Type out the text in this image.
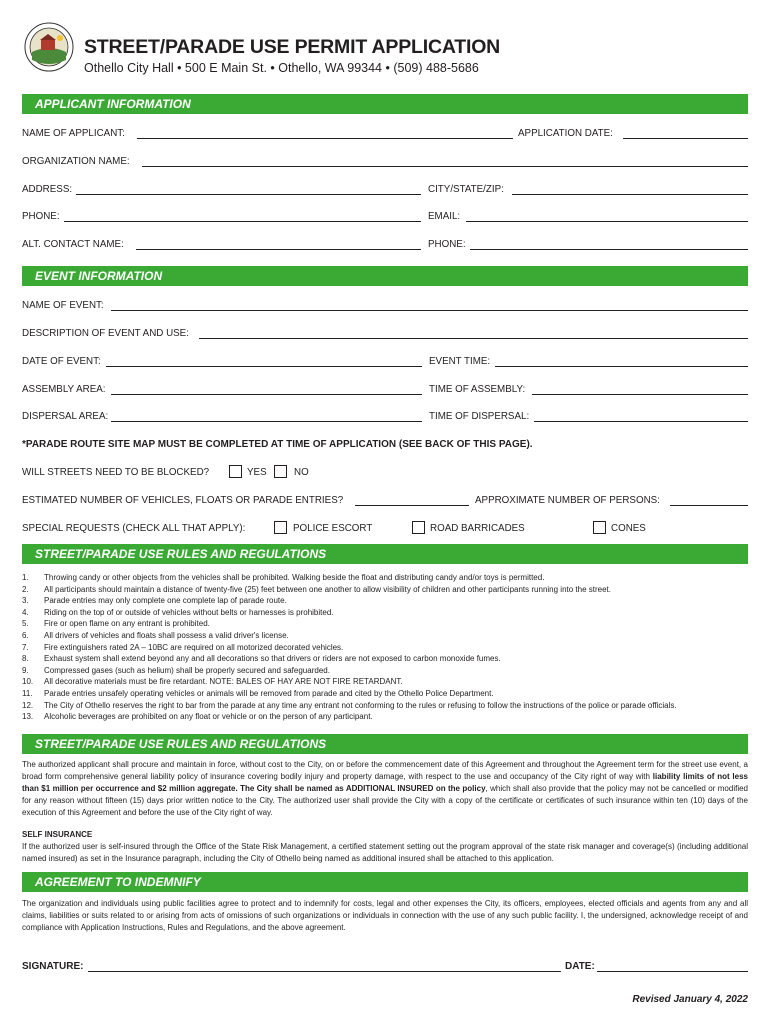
STREET/PARADE USE PERMIT APPLICATION
Othello City Hall • 500 E Main St. • Othello, WA 99344 • (509) 488-5686
APPLICANT INFORMATION
NAME OF APPLICANT:	APPLICATION DATE:
ORGANIZATION NAME:
ADDRESS:	CITY/STATE/ZIP:
PHONE:	EMAIL:
ALT. CONTACT NAME:	PHONE:
EVENT INFORMATION
NAME OF EVENT:
DESCRIPTION OF EVENT AND USE:
DATE OF EVENT:	EVENT TIME:
ASSEMBLY AREA:	TIME OF ASSEMBLY:
DISPERSAL AREA:	TIME OF DISPERSAL:
*PARADE ROUTE SITE MAP MUST BE COMPLETED AT TIME OF APPLICATION (SEE BACK OF THIS PAGE).
WILL STREETS NEED TO BE BLOCKED?	YES	NO
ESTIMATED NUMBER OF VEHICLES, FLOATS OR PARADE ENTRIES?	APPROXIMATE NUMBER OF PERSONS:
SPECIAL REQUESTS (CHECK ALL THAT APPLY):	POLICE ESCORT	ROAD BARRICADES	CONES
STREET/PARADE USE RULES AND REGULATIONS
1.	Throwing candy or other objects from the vehicles shall be prohibited. Walking beside the float and distributing candy and/or toys is permitted.
2.	All participants should maintain a distance of twenty-five (25) feet between one another to allow visibility of children and other participants running into the street.
3.	Parade entries may only complete one complete lap of parade route.
4.	Riding on the top of or outside of vehicles without belts or harnesses is prohibited.
5.	Fire or open flame on any entrant is prohibited.
6.	All drivers of vehicles and floats shall possess a valid driver's license.
7.	Fire extinguishers rated 2A – 10BC are required on all motorized decorated vehicles.
8.	Exhaust system shall extend beyond any and all decorations so that drivers or riders are not exposed to carbon monoxide fumes.
9.	Compressed gases (such as helium) shall be properly secured and safeguarded.
10.	All decorative materials must be fire retardant. NOTE: BALES OF HAY ARE NOT FIRE RETARDANT.
11.	Parade entries unsafely operating vehicles or animals will be removed from parade and cited by the Othello Police Department.
12.	The City of Othello reserves the right to bar from the parade at any time any entrant not conforming to the rules or refusing to follow the instructions of the police or parade officials.
13.	Alcoholic beverages are prohibited on any float or vehicle or on the person of any participant.
STREET/PARADE USE RULES AND REGULATIONS
The authorized applicant shall procure and maintain in force, without cost to the City, on or before the commencement date of this Agreement and throughout the Agreement term for the street use event, a broad form comprehensive general liability policy of insurance covering bodily injury and property damage, with respect to the use and occupancy of the City right of way with liability limits of not less than $1 million per occurrence and $2 million aggregate. The City shall be named as ADDITIONAL INSURED on the policy, which shall also provide that the policy may not be cancelled or modified for any reason without fifteen (15) days prior written notice to the City. The authorized user shall provide the City with a copy of the certificate or certificates of such insurance within ten (10) days of the execution of this Agreement and before the use of the City right of way.
SELF INSURANCE
If the authorized user is self-insured through the Office of the State Risk Management, a certified statement setting out the program approval of the state risk manager and coverage(s) (including additional named insured) as set in the Insurance paragraph, including the City of Othello being named as additional insured shall be attached to this application.
AGREEMENT TO INDEMNIFY
The organization and individuals using public facilities agree to protect and to indemnify for costs, legal and other expenses the City, its officers, employees, elected officials and agents from any and all claims, liabilities or suits related to or arising from acts of omissions of such organizations or individuals in connection with the use of any such public facility. I, the undersigned, acknowledge receipt of and compliance with Application Instructions, Rules and Regulations, and the above agreement.
SIGNATURE:	DATE:
Revised January 4, 2022
